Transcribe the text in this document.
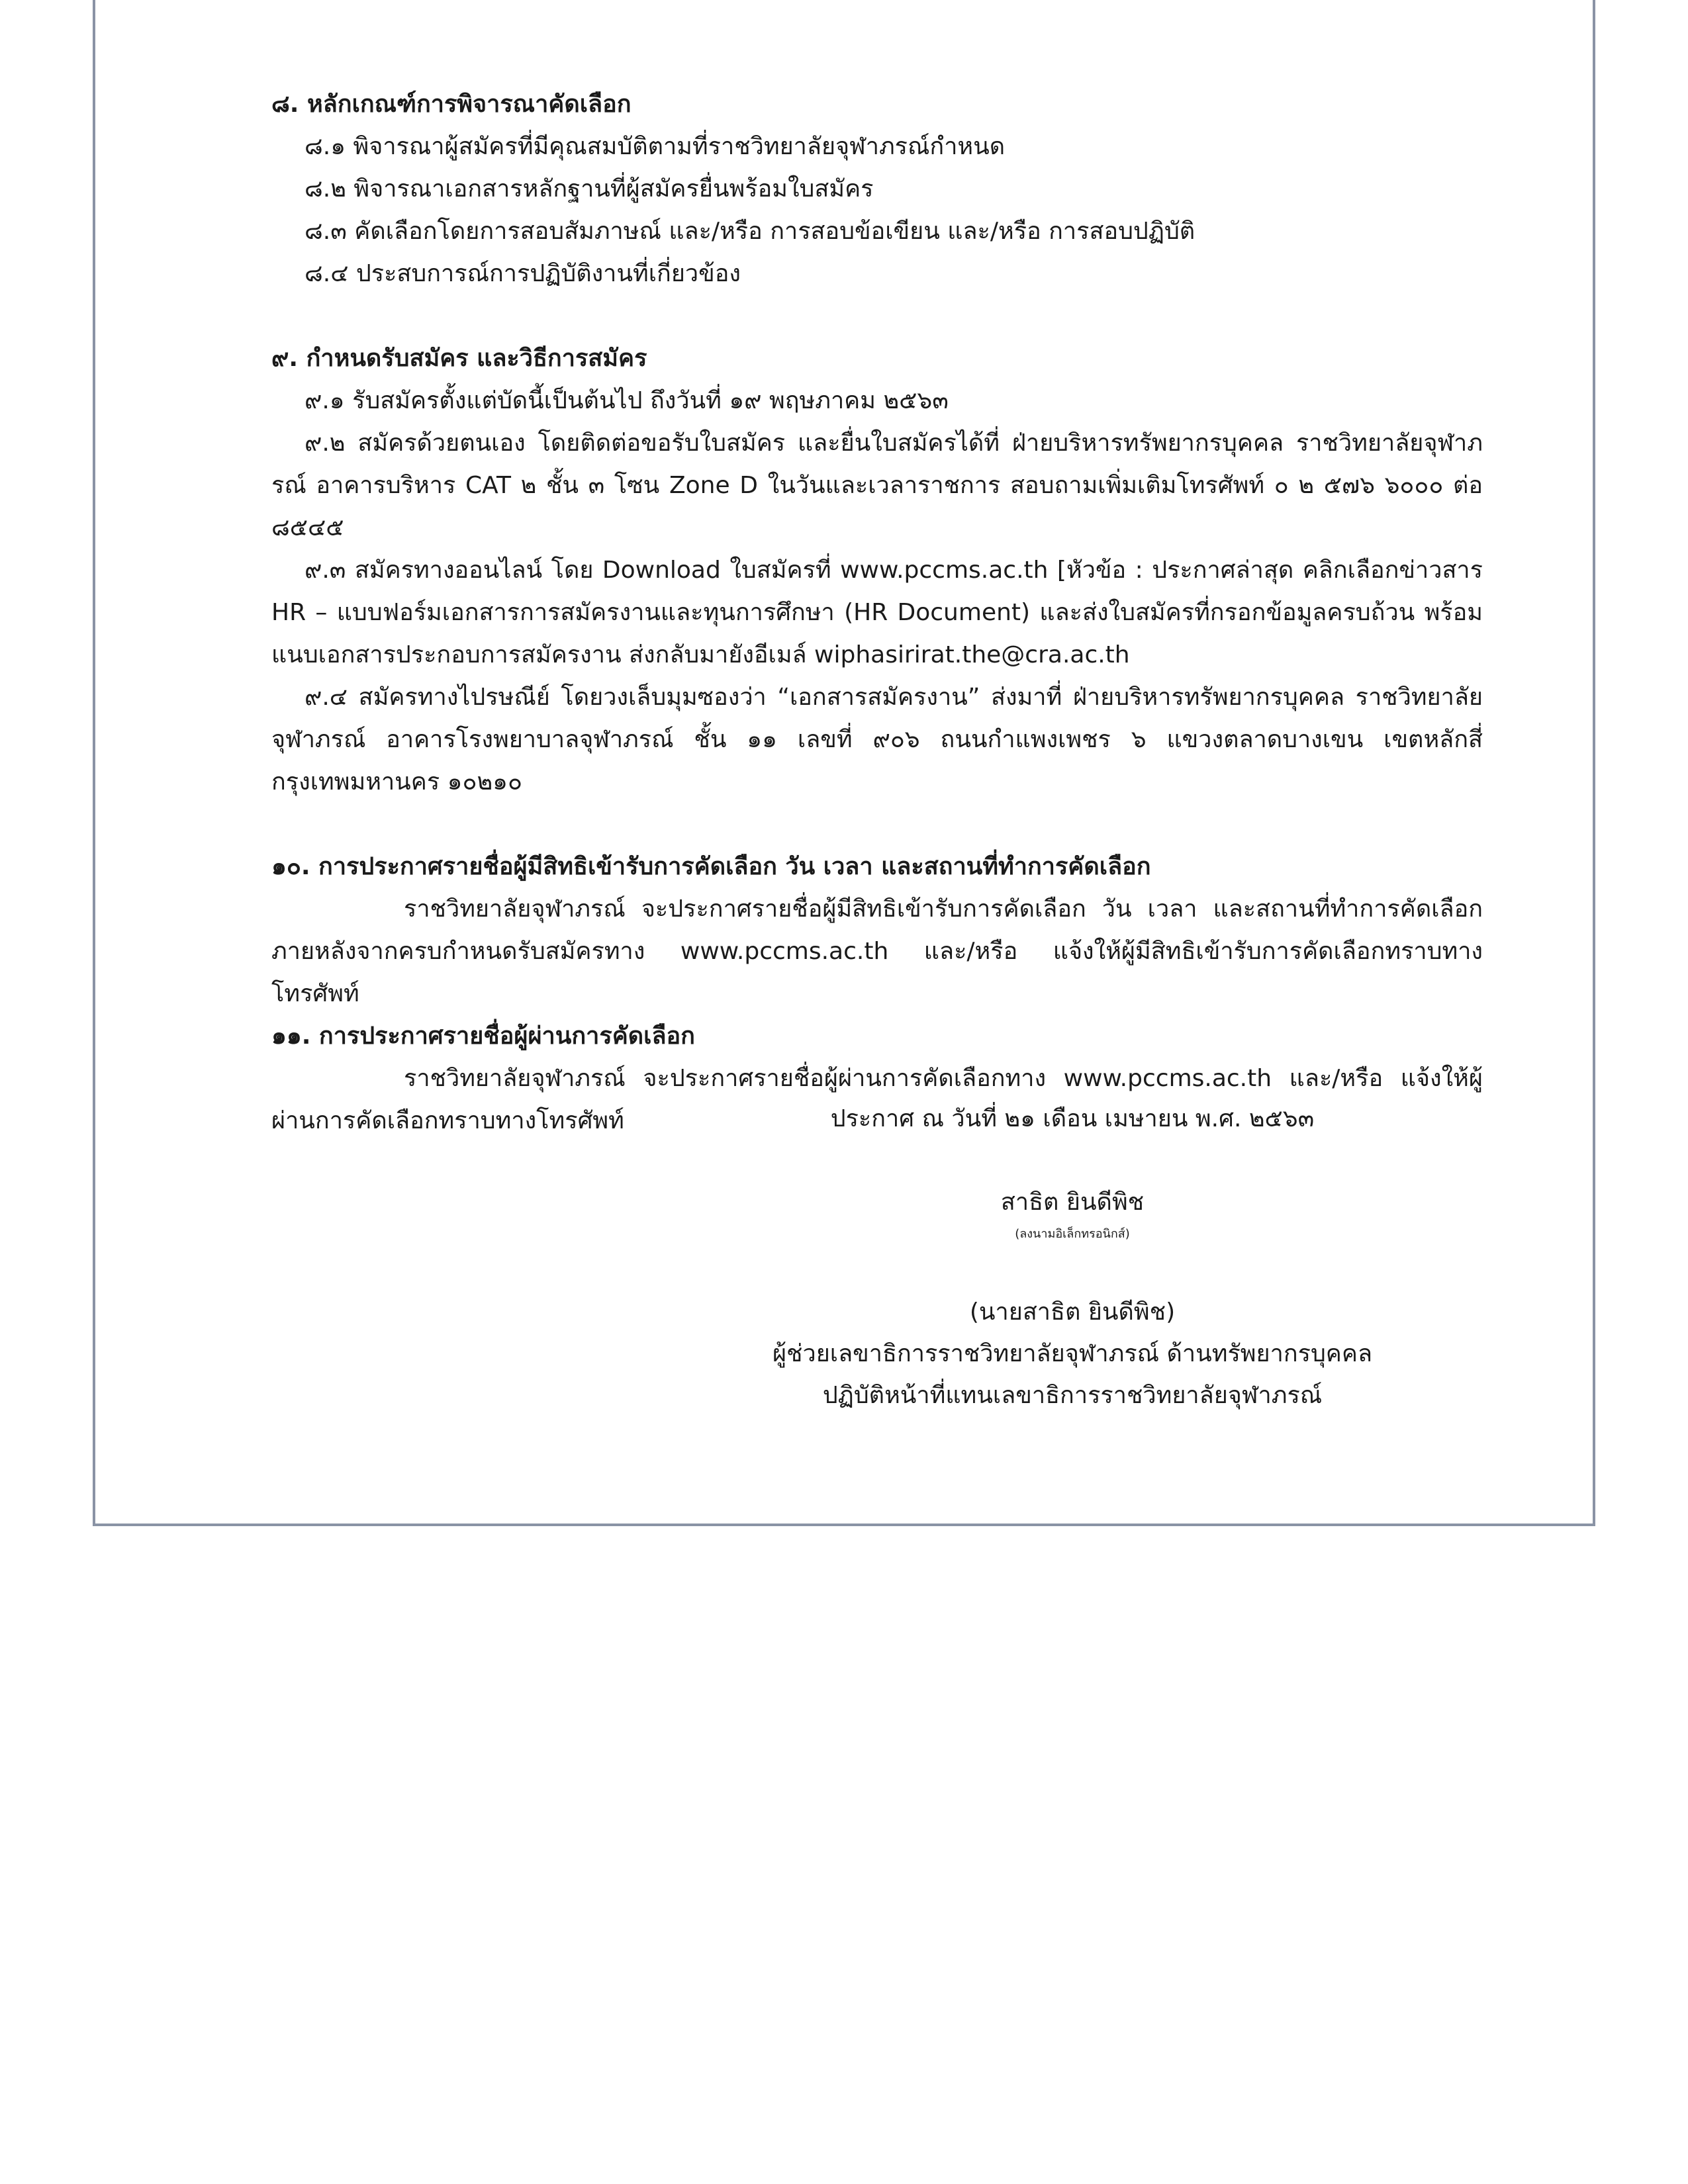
๘. หลักเกณฑ์การพิจารณาคัดเลือก

๘.๑ พิจารณาผู้สมัครที่มีคุณสมบัติตามที่ราชวิทยาลัยจุฬาภรณ์กำหนด

๘.๒ พิจารณาเอกสารหลักฐานที่ผู้สมัครยื่นพร้อมใบสมัคร

๘.๓ คัดเลือกโดยการสอบสัมภาษณ์ และ/หรือ การสอบข้อเขียน และ/หรือ การสอบปฏิบัติ

๘.๔ ประสบการณ์การปฏิบัติงานที่เกี่ยวข้อง

๙. กำหนดรับสมัคร และวิธีการสมัคร

๙.๑ รับสมัครตั้งแต่บัดนี้เป็นต้นไป ถึงวันที่ ๑๙ พฤษภาคม ๒๕๖๓

๙.๒ สมัครด้วยตนเอง โดยติดต่อขอรับใบสมัคร และยื่นใบสมัครได้ที่ ฝ่ายบริหารทรัพยากรบุคคล ราชวิทยาลัยจุฬาภรณ์ อาคารบริหาร CAT ๒ ชั้น ๓ โซน Zone D ในวันและเวลาราชการ สอบถามเพิ่มเติมโทรศัพท์ ๐ ๒ ๕๗๖ ๖๐๐๐ ต่อ ๘๕๔๕

๙.๓ สมัครทางออนไลน์ โดย Download ใบสมัครที่ www.pccms.ac.th [หัวข้อ : ประกาศล่าสุด คลิกเลือกข่าวสาร HR – แบบฟอร์มเอกสารการสมัครงานและทุนการศึกษา (HR Document) และส่งใบสมัครที่กรอกข้อมูลครบถ้วน พร้อมแนบเอกสารประกอบการสมัครงาน ส่งกลับมายังอีเมล์ wiphasirirat.the@cra.ac.th

๙.๔ สมัครทางไปรษณีย์ โดยวงเล็บมุมซองว่า “เอกสารสมัครงาน” ส่งมาที่ ฝ่ายบริหารทรัพยากรบุคคล ราชวิทยาลัยจุฬาภรณ์ อาคารโรงพยาบาลจุฬาภรณ์ ชั้น ๑๑ เลขที่ ๙๐๖ ถนนกำแพงเพชร ๖ แขวงตลาดบางเขน เขตหลักสี่ กรุงเทพมหานคร ๑๐๒๑๐

๑๐. การประกาศรายชื่อผู้มีสิทธิเข้ารับการคัดเลือก วัน เวลา และสถานที่ทำการคัดเลือก

ราชวิทยาลัยจุฬาภรณ์ จะประกาศรายชื่อผู้มีสิทธิเข้ารับการคัดเลือก วัน เวลา และสถานที่ทำการคัดเลือก ภายหลังจากครบกำหนดรับสมัครทาง www.pccms.ac.th และ/หรือ แจ้งให้ผู้มีสิทธิเข้ารับการคัดเลือกทราบทางโทรศัพท์

๑๑. การประกาศรายชื่อผู้ผ่านการคัดเลือก

ราชวิทยาลัยจุฬาภรณ์ จะประกาศรายชื่อผู้ผ่านการคัดเลือกทาง www.pccms.ac.th และ/หรือ แจ้งให้ผู้ผ่านการคัดเลือกทราบทางโทรศัพท์	ประกาศ ณ วันที่ ๒๑ เดือน เมษายน พ.ศ. ๒๕๖๓
สาธิต ยินดีพิช
(ลงนามอิเล็กทรอนิกส์)
(นายสาธิต ยินดีพิช)
ผู้ช่วยเลขาธิการราชวิทยาลัยจุฬาภรณ์ ด้านทรัพยากรบุคคล
ปฏิบัติหน้าที่แทนเลขาธิการราชวิทยาลัยจุฬาภรณ์
